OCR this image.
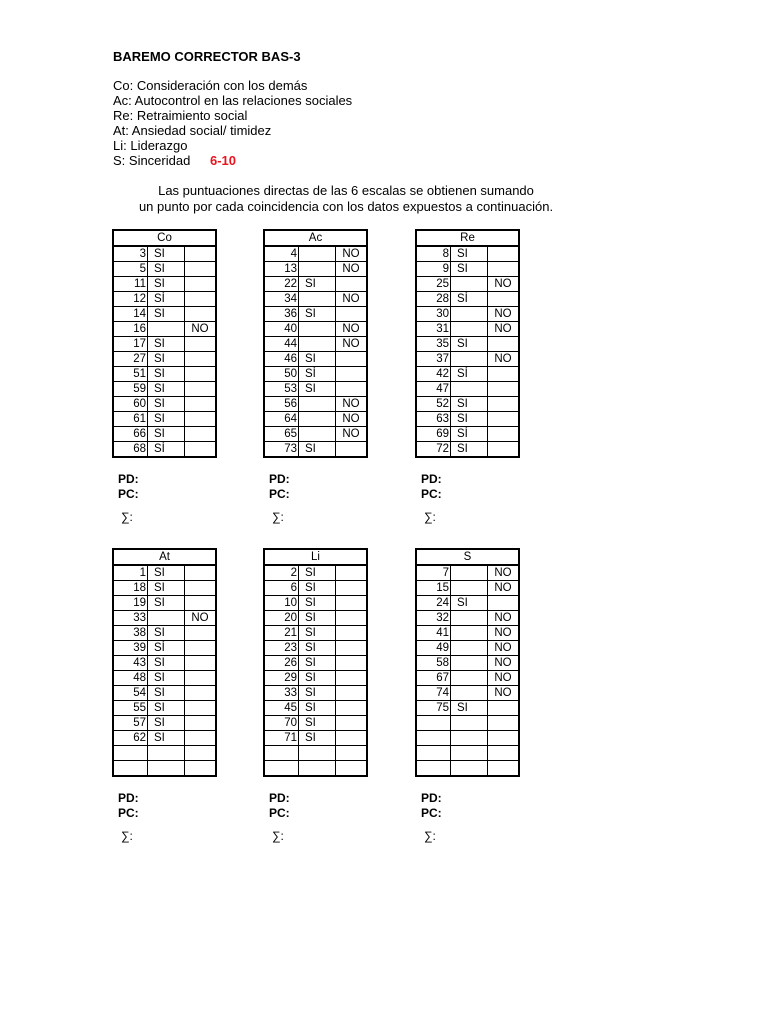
BAREMO CORRECTOR BAS-3
Co: Consideración con los demás
Ac: Autocontrol en las relaciones sociales
Re: Retraimiento social
At: Ansiedad social/ timidez
Li: Liderazgo
S: Sinceridad	6-10
Las puntuaciones directas de las 6 escalas se obtienen sumando
un punto por cada coincidencia con los datos expuestos a continuación.
Co		
3	SI	
5	SI	
11	SI	
12	SÍ	
14	SI	
16		NO
17	SI	
27	SI	
51	SI	
59	SI	
60	SI	
61	SI	
66	SI	
68	SÍ	
PD:
PC:
∑:
Ac		
4		NO
13		NO
22	SI	
34		NO
36	SI	
40		NO
44		NO
46	SI	
50	SÍ	
53	SI	
56		NO
64		NO
65		NO
73	SI	
PD:
PC:
∑:
Re		
8	SI	
9	SI	
25		NO
28	SÍ	
30		NO
31		NO
35	SI	
37		NO
42	SÍ	
47		
52	SI	
63	SI	
69	SÍ	
72	SI	
PD:
PC:
∑:
At		
1	SI	
18	SI	
19	SI	
33		NO
38	SI	
39	SÍ	
43	SI	
48	SI	
54	SI	
55	SI	
57	SI	
62	SI	

PD:
PC:
∑:
Li		
2	SI	
6	SI	
10	SI	
20	SI	
21	SI	
23	SI	
26	SI	
29	SI	
33	SI	
45	SI	
70	SI	
71	SI	

PD:
PC:
∑:
S		
7		NO
15		NO
24	SI	
32		NO
41		NO
49		NO
58		NO
67		NO
74		NO
75	SI	

PD:
PC:
∑:
